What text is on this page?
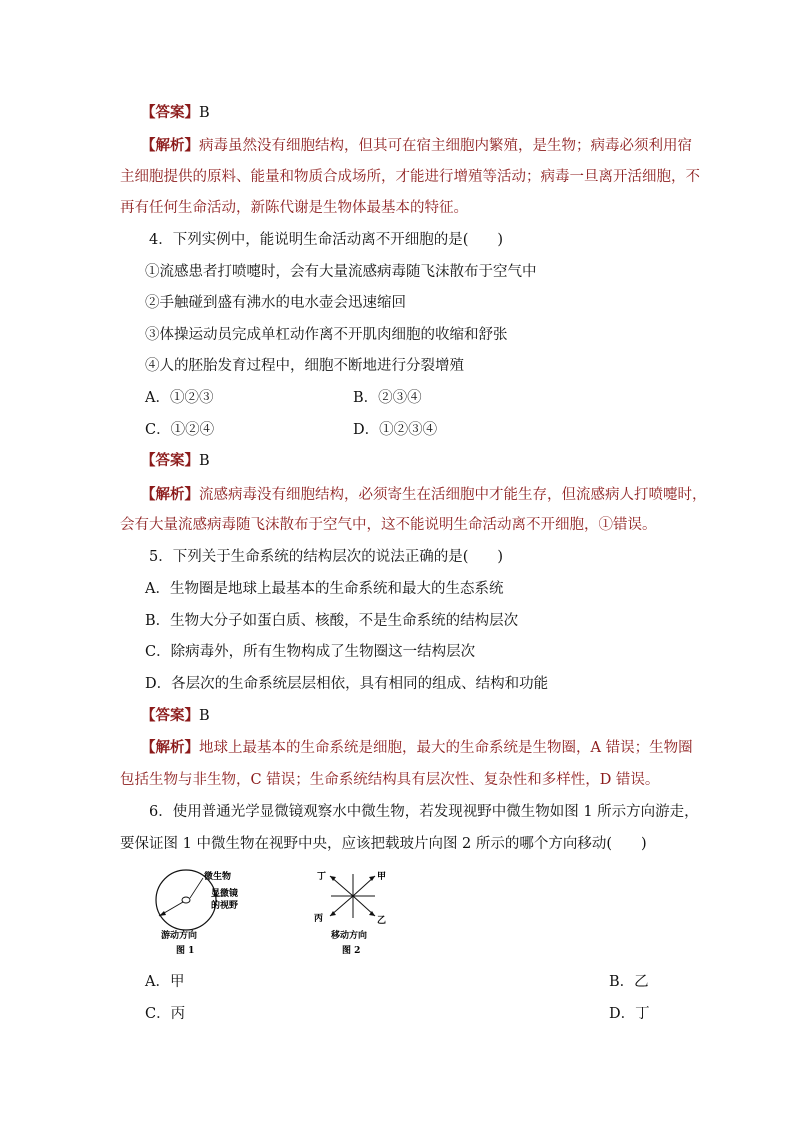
【答案】B
【解析】病毒虽然没有细胞结构，但其可在宿主细胞内繁殖，是生物；病毒必须利用宿
主细胞提供的原料、能量和物质合成场所，才能进行增殖等活动；病毒一旦离开活细胞，不
再有任何生命活动，新陈代谢是生物体最基本的特征。
4．下列实例中，能说明生命活动离不开细胞的是(　　)
①流感患者打喷嚏时，会有大量流感病毒随飞沫散布于空气中
②手触碰到盛有沸水的电水壶会迅速缩回
③体操运动员完成单杠动作离不开肌肉细胞的收缩和舒张
④人的胚胎发育过程中，细胞不断地进行分裂增殖
A．①②③	B．②③④
C．①②④	D．①②③④
【答案】B
【解析】流感病毒没有细胞结构，必须寄生在活细胞中才能生存，但流感病人打喷嚏时，
会有大量流感病毒随飞沫散布于空气中，这不能说明生命活动离不开细胞，①错误。
5．下列关于生命系统的结构层次的说法正确的是(　　)
A．生物圈是地球上最基本的生命系统和最大的生态系统
B．生物大分子如蛋白质、核酸，不是生命系统的结构层次
C．除病毒外，所有生物构成了生物圈这一结构层次
D．各层次的生命系统层层相依，具有相同的组成、结构和功能
【答案】B
【解析】地球上最基本的生命系统是细胞，最大的生命系统是生物圈，A 错误；生物圈
包括生物与非生物，C 错误；生命系统结构具有层次性、复杂性和多样性，D 错误。
6．使用普通光学显微镜观察水中微生物，若发现视野中微生物如图 1 所示方向游走，
要保证图 1 中微生物在视野中央，应该把载玻片向图 2 所示的哪个方向移动(　　)
微生物
显微镜
的视野
游动方向
图 1
丁	甲
丙	乙
移动方向
图 2
A．甲	B．乙
C．丙	D．丁
